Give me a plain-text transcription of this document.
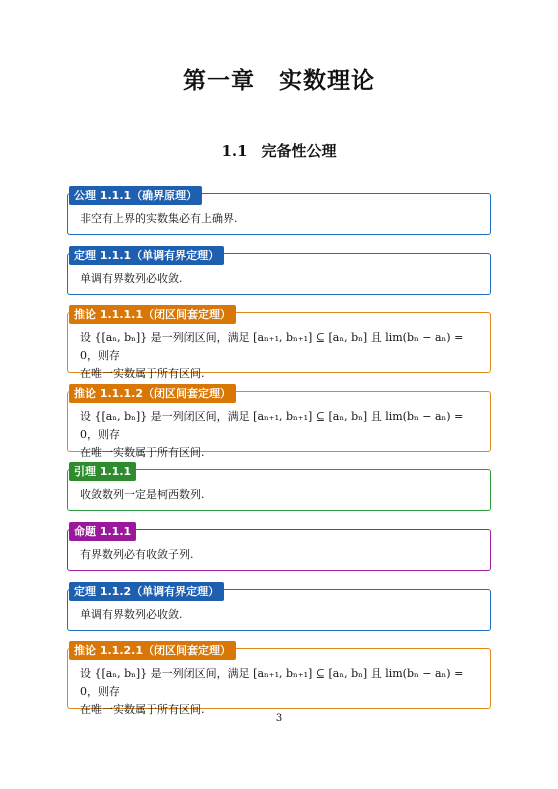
第一章　实数理论
1.1 完备性公理
公理 1.1.1（确界原理）
非空有上界的实数集必有上确界.
定理 1.1.1（单调有界定理）
单调有界数列必收敛.
推论 1.1.1.1（闭区间套定理）
设 {[aₙ, bₙ]} 是一列闭区间，满足 [aₙ₊₁, bₙ₊₁] ⊆ [aₙ, bₙ] 且 lim(bₙ − aₙ) = 0，则存
在唯一实数属于所有区间.
推论 1.1.1.2（闭区间套定理）
设 {[aₙ, bₙ]} 是一列闭区间，满足 [aₙ₊₁, bₙ₊₁] ⊆ [aₙ, bₙ] 且 lim(bₙ − aₙ) = 0，则存
在唯一实数属于所有区间.
引理 1.1.1
收敛数列一定是柯西数列.
命题 1.1.1
有界数列必有收敛子列.
定理 1.1.2（单调有界定理）
单调有界数列必收敛.
推论 1.1.2.1（闭区间套定理）
设 {[aₙ, bₙ]} 是一列闭区间，满足 [aₙ₊₁, bₙ₊₁] ⊆ [aₙ, bₙ] 且 lim(bₙ − aₙ) = 0，则存
在唯一实数属于所有区间.
3
